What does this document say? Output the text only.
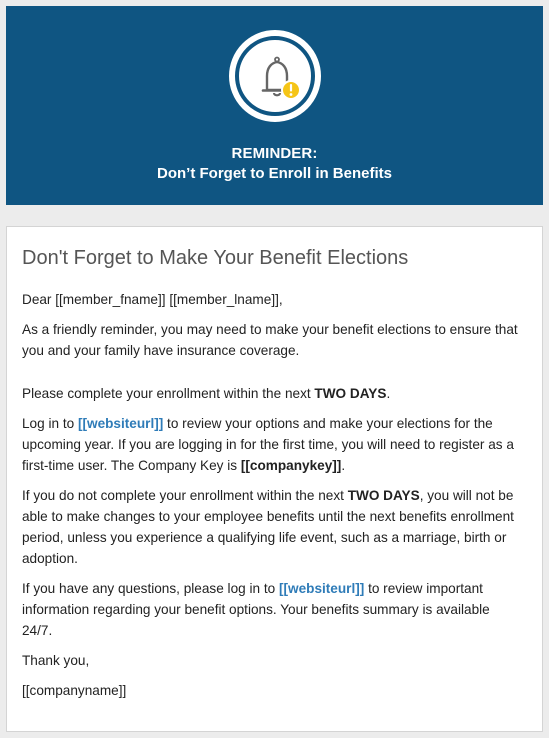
REMINDER:
Don’t Forget to Enroll in Benefits
Don't Forget to Make Your Benefit Elections

Dear [[member_fname]] [[member_lname]],

As a friendly reminder, you may need to make your benefit elections to ensure that you and your family have insurance coverage.

Please complete your enrollment within the next TWO DAYS.

Log in to [[websiteurl]] to review your options and make your elections for the upcoming year. If you are logging in for the first time, you will need to register as a first-time user. The Company Key is [[companykey]].

If you do not complete your enrollment within the next TWO DAYS, you will not be able to make changes to your employee benefits until the next benefits enrollment period, unless you experience a qualifying life event, such as a marriage, birth or adoption.

If you have any questions, please log in to [[websiteurl]] to review important information regarding your benefit options. Your benefits summary is available 24/7.

Thank you,

[[companyname]]
